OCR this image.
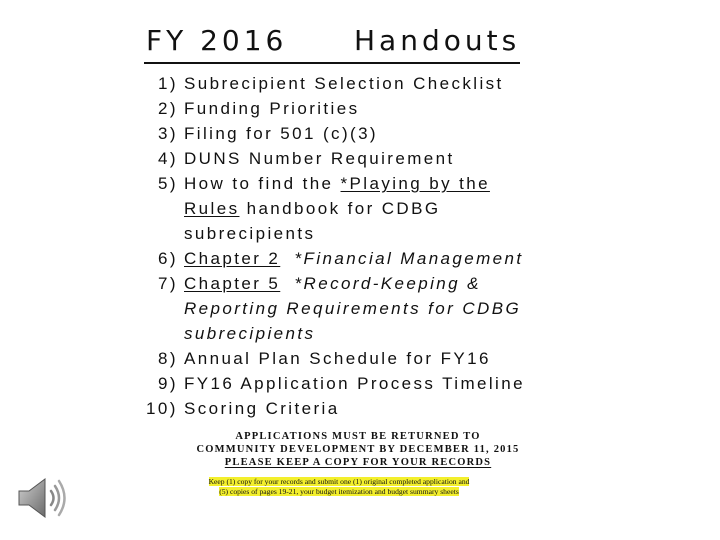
FY 2016 Handouts
1) Subrecipient Selection Checklist
2) Funding Priorities
3) Filing for 501 (c)(3)
4) DUNS Number Requirement
5) How to find the *Playing by the
Rules handbook for CDBG
subrecipients
6) Chapter 2 *Financial Management
7) Chapter 5 *Record-Keeping &
Reporting Requirements for CDBG
subrecipients
8) Annual Plan Schedule for FY16
9) FY16 Application Process Timeline
10) Scoring Criteria
APPLICATIONS MUST BE RETURNED TO
COMMUNITY DEVELOPMENT BY DECEMBER 11, 2015
PLEASE KEEP A COPY FOR YOUR RECORDS
Keep (1) copy for your records and submit one (1) original completed application and
(5) copies of pages 19-21, your budget itemization and budget summary sheets
